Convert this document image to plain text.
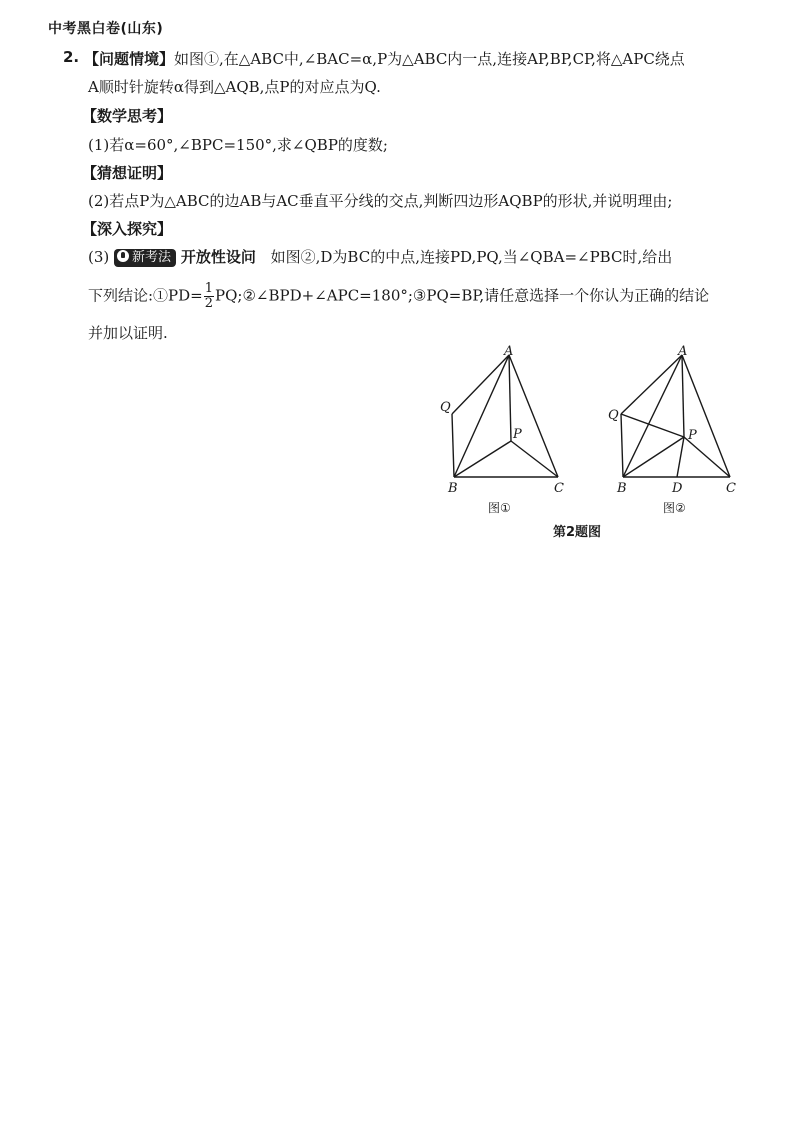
中考黑白卷(山东)
2. 【问题情境】如图①,在△ABC中,∠BAC=α,P为△ABC内一点,连接AP,BP,CP,将△APC绕点
A顺时针旋转α得到△AQB,点P的对应点为Q.
【数学思考】
(1)若α=60°,∠BPC=150°,求∠QBP的度数;
【猜想证明】
(2)若点P为△ABC的边AB与AC垂直平分线的交点,判断四边形AQBP的形状,并说明理由;
【深入探究】
(3) 新考法 开放性设问 如图②,D为BC的中点,连接PD,PQ,当∠QBA=∠PBC时,给出
下列结论:①PD= $\frac{1}{2}$ PQ;②∠BPD+∠APC=180°;③PQ=BP,请任意选择一个你认为正确的结论
并加以证明.
A
Q
P
B	C
图①
A
Q
P
B	D	C
图②
第2题图
